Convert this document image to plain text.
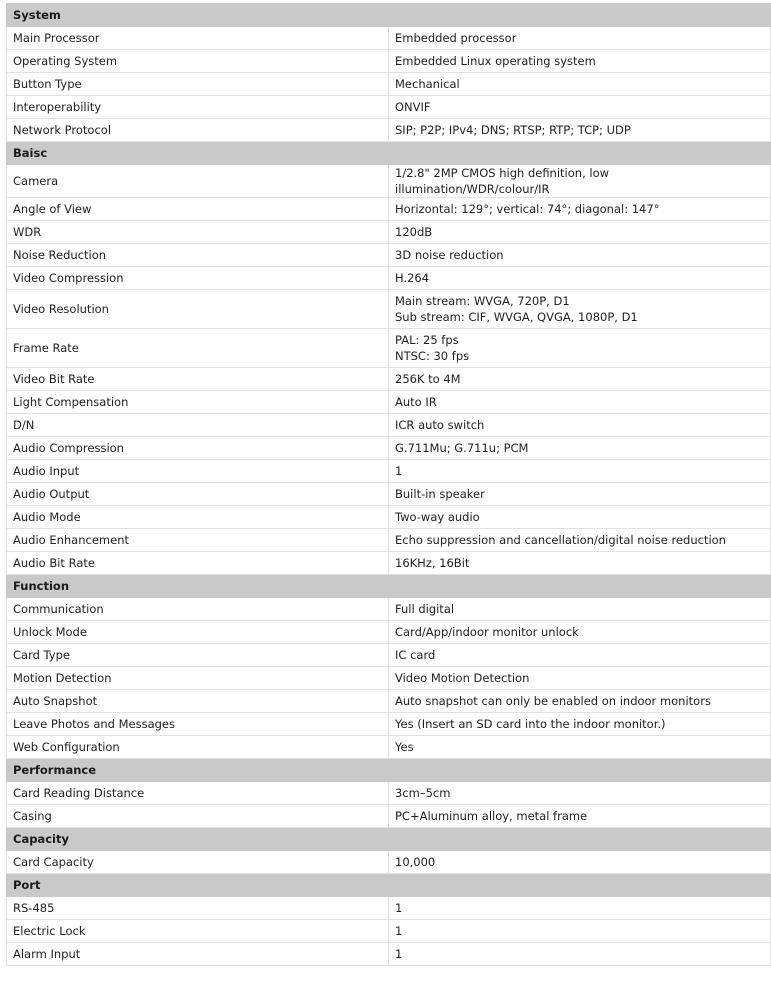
System	
Main Processor	Embedded processor

Operating System	Embedded Linux operating system

Button Type	Mechanical

Interoperability	ONVIF

Network Protocol	SIP; P2P; IPv4; DNS; RTSP; RTP; TCP; UDP

Baisc	
Camera	1/2.8" 2MP CMOS high definition, low illumination/WDR/colour/IR

Angle of View	Horizontal: 129°; vertical: 74°; diagonal: 147°

WDR	120dB

Noise Reduction	3D noise reduction

Video Compression	H.264

Video Resolution	Main stream: WVGA, 720P, D1
Sub stream: CIF, WVGA, QVGA, 1080P, D1

Frame Rate	PAL: 25 fps
NTSC: 30 fps

Video Bit Rate	256K to 4M

Light Compensation	Auto IR

D/N	ICR auto switch

Audio Compression	G.711Mu; G.711u; PCM

Audio Input	1

Audio Output	Built-in speaker

Audio Mode	Two-way audio

Audio Enhancement	Echo suppression and cancellation/digital noise reduction

Audio Bit Rate	16KHz, 16Bit

Function	
Communication	Full digital

Unlock Mode	Card/App/indoor monitor unlock

Card Type	IC card

Motion Detection	Video Motion Detection

Auto Snapshot	Auto snapshot can only be enabled on indoor monitors

Leave Photos and Messages	Yes (Insert an SD card into the indoor monitor.)

Web Configuration	Yes

Performance	
Card Reading Distance	3cm–5cm

Casing	PC+Aluminum alloy, metal frame

Capacity	
Card Capacity	10,000

Port	
RS-485	1

Electric Lock	1

Alarm Input	1
